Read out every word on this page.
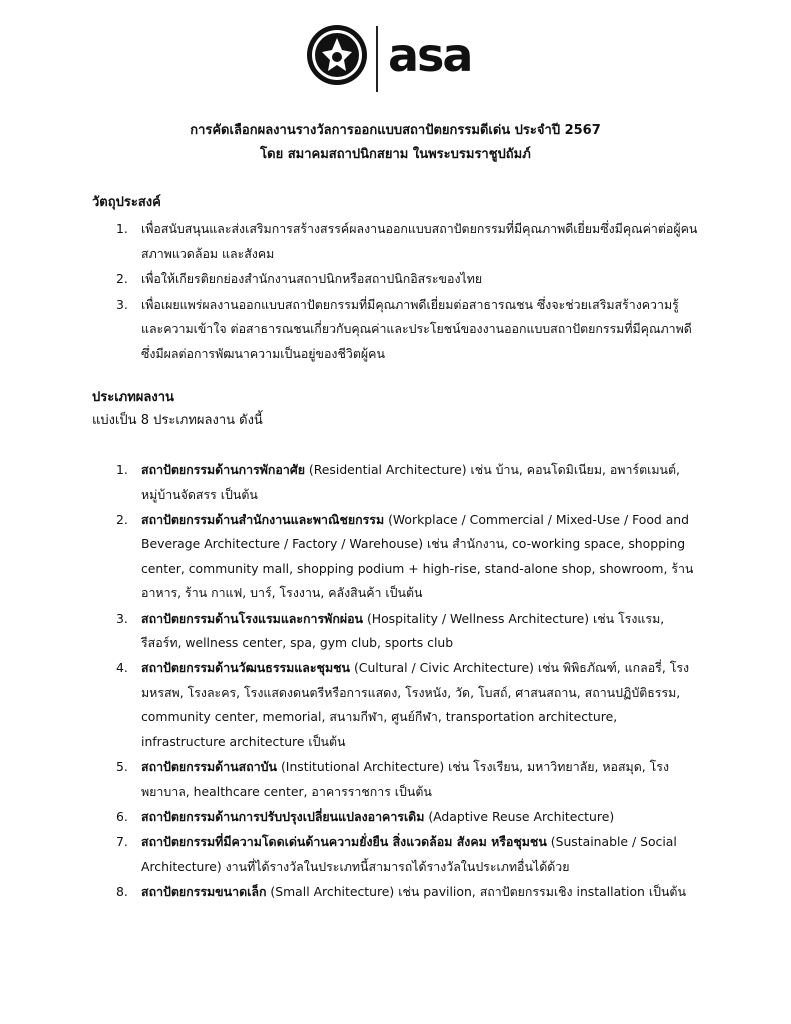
asa
การคัดเลือกผลงานรางวัลการออกแบบสถาปัตยกรรมดีเด่น ประจำปี 2567
โดย สมาคมสถาปนิกสยาม ในพระบรมราชูปถัมภ์
วัตถุประสงค์
1. เพื่อสนับสนุนและส่งเสริมการสร้างสรรค์ผลงานออกแบบสถาปัตยกรรมที่มีคุณภาพดีเยี่ยมซึ่งมีคุณค่าต่อผู้คนสภาพแวดล้อม และสังคม
2. เพื่อให้เกียรติยกย่องสำนักงานสถาปนิกหรือสถาปนิกอิสระของไทย
3. เพื่อเผยแพร่ผลงานออกแบบสถาปัตยกรรมที่มีคุณภาพดีเยี่ยมต่อสาธารณชน ซึ่งจะช่วยเสริมสร้างความรู้และความเข้าใจ ต่อสาธารณชนเกี่ยวกับคุณค่าและประโยชน์ของงานออกแบบสถาปัตยกรรมที่มีคุณภาพดีซึ่งมีผลต่อการพัฒนาความเป็นอยู่ของชีวิตผู้คน
ประเภทผลงาน
แบ่งเป็น 8 ประเภทผลงาน ดังนี้
1. สถาปัตยกรรมด้านการพักอาศัย (Residential Architecture) เช่น บ้าน, คอนโดมิเนียม, อพาร์ตเมนต์, หมู่บ้านจัดสรร เป็นต้น
2. สถาปัตยกรรมด้านสำนักงานและพาณิชยกรรม (Workplace / Commercial / Mixed-Use / Food and Beverage Architecture / Factory / Warehouse) เช่น สำนักงาน, co-working space, shopping center, community mall, shopping podium + high-rise, stand-alone shop, showroom, ร้านอาหาร, ร้าน กาแฟ, บาร์, โรงงาน, คลังสินค้า เป็นต้น
3. สถาปัตยกรรมด้านโรงแรมและการพักผ่อน (Hospitality / Wellness Architecture) เช่น โรงแรม, รีสอร์ท, wellness center, spa, gym club, sports club
4. สถาปัตยกรรมด้านวัฒนธรรมและชุมชน (Cultural / Civic Architecture) เช่น พิพิธภัณฑ์, แกลอรี่, โรงมหรสพ, โรงละคร, โรงแสดงดนตรีหรือการแสดง, โรงหนัง, วัด, โบสถ์, ศาสนสถาน, สถานปฏิบัติธรรม, community center, memorial, สนามกีฬา, ศูนย์กีฬา, transportation architecture, infrastructure architecture เป็นต้น
5. สถาปัตยกรรมด้านสถาบัน (Institutional Architecture) เช่น โรงเรียน, มหาวิทยาลัย, หอสมุด, โรงพยาบาล, healthcare center, อาคารราชการ เป็นต้น
6. สถาปัตยกรรมด้านการปรับปรุงเปลี่ยนแปลงอาคารเดิม (Adaptive Reuse Architecture)
7. สถาปัตยกรรมที่มีความโดดเด่นด้านความยั่งยืน สิ่งแวดล้อม สังคม หรือชุมชน (Sustainable / Social Architecture) งานที่ได้รางวัลในประเภทนี้สามารถได้รางวัลในประเภทอื่นได้ด้วย
8. สถาปัตยกรรมขนาดเล็ก (Small Architecture) เช่น pavilion, สถาปัตยกรรมเชิง installation เป็นต้น
